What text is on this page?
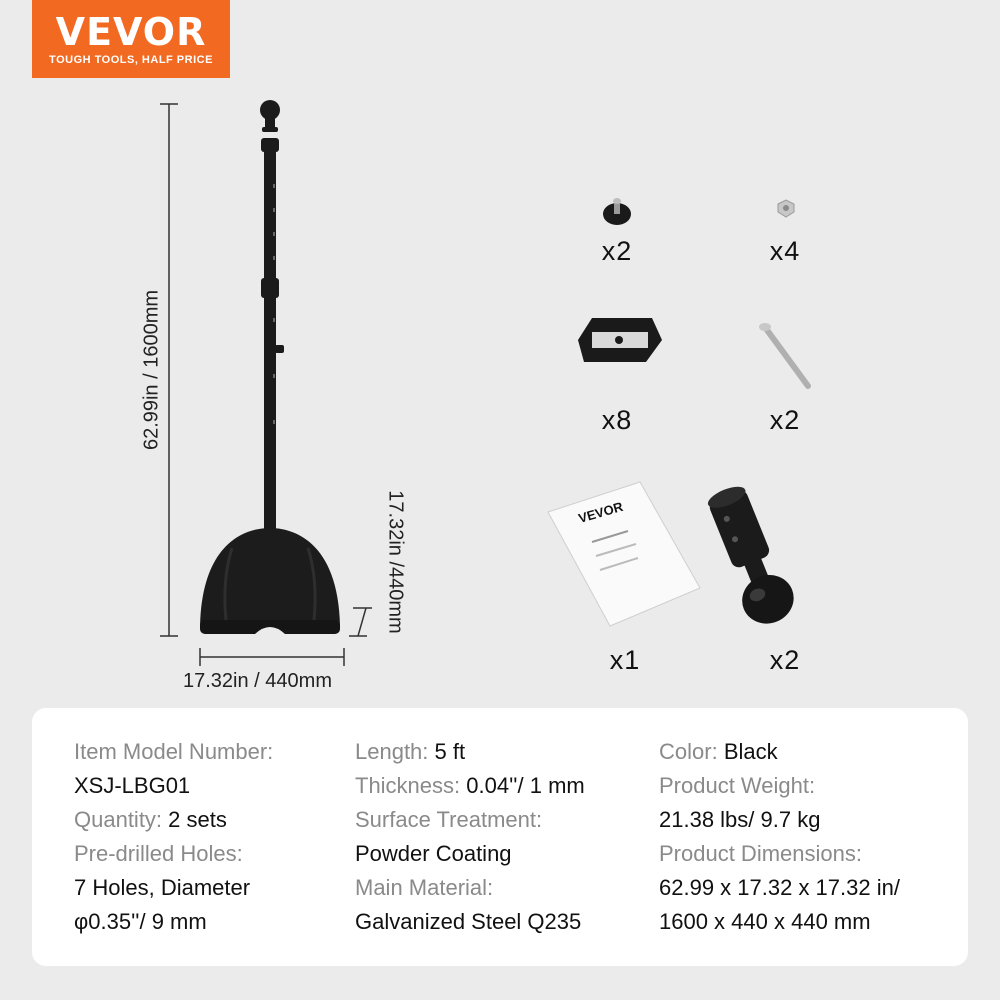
VEVOR
TOUGH TOOLS, HALF PRICE
62.99in / 1600mm
17.32in /440mm
17.32in / 440mm
VEVOR
x2	x4
x8	x2
x1	x2
Item Model Number:
XSJ-LBG01
Quantity: 2 sets
Pre-drilled Holes:
7 Holes, Diameter
φ0.35''/ 9 mm
Length: 5 ft
Thickness: 0.04''/ 1 mm
Surface Treatment:
Powder Coating
Main Material:
Galvanized Steel Q235
Color: Black
Product Weight:
21.38 lbs/ 9.7 kg
Product Dimensions:
62.99 x 17.32 x 17.32 in/
1600 x 440 x 440 mm
